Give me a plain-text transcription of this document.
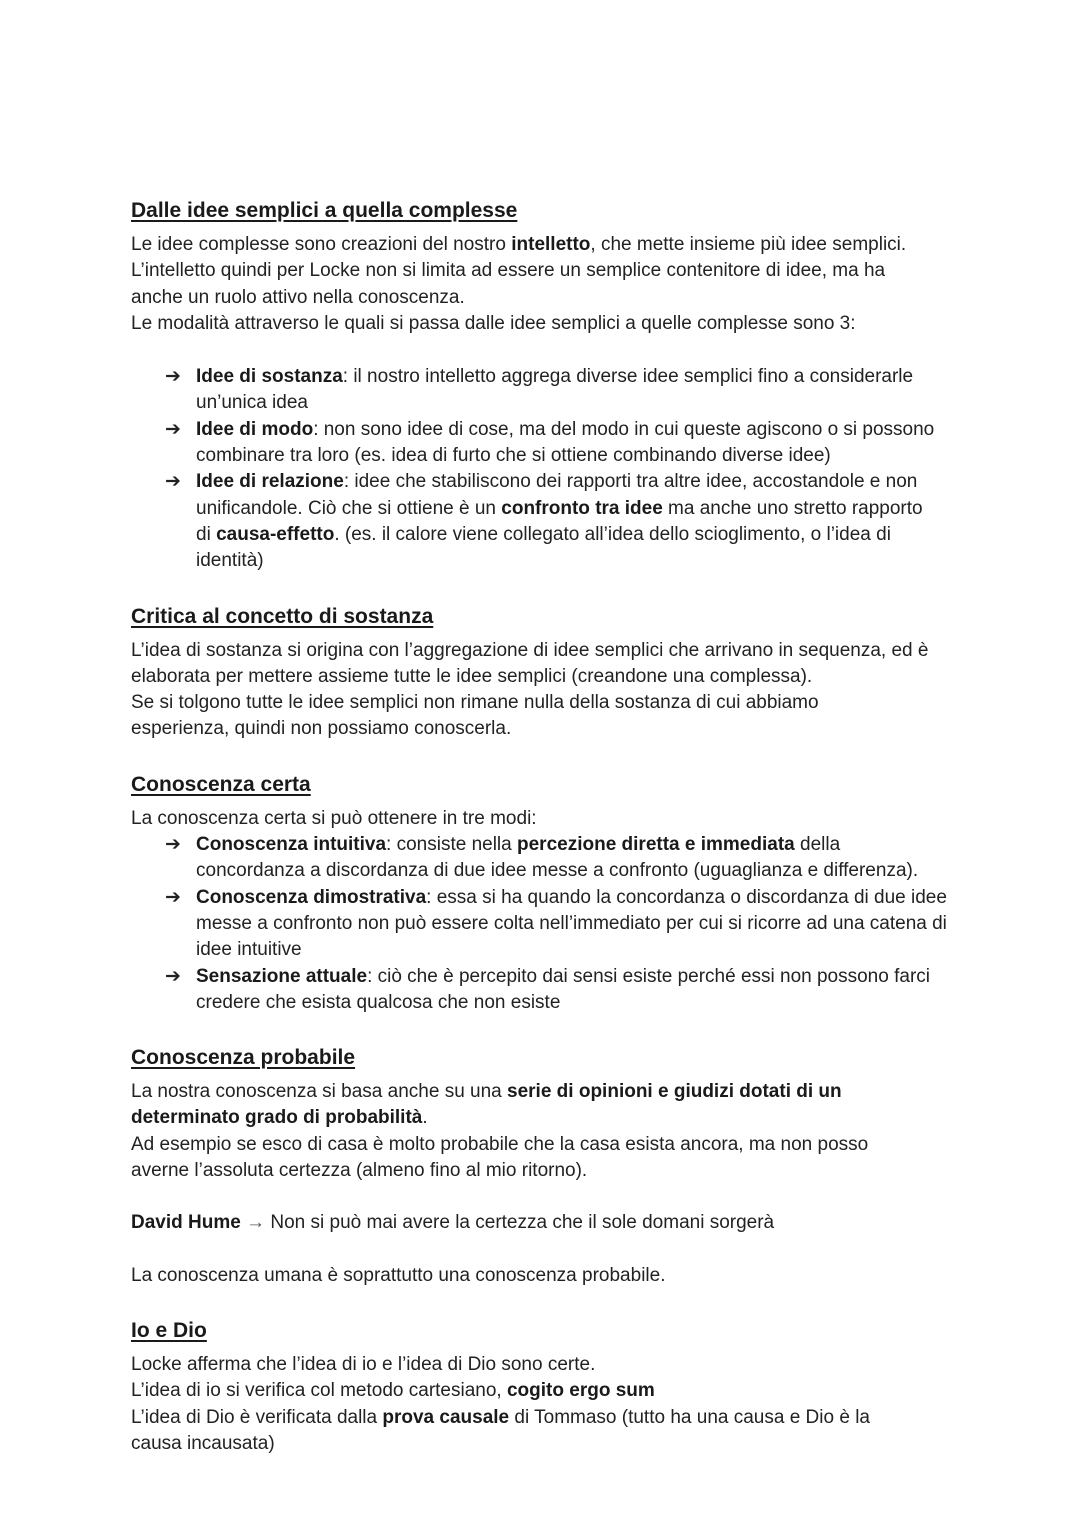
Dalle idee semplici a quella complesse

Le idee complesse sono creazioni del nostro intelletto, che mette insieme più idee semplici.

L’intelletto quindi per Locke non si limita ad essere un semplice contenitore di idee, ma ha anche un ruolo attivo nella conoscenza.

Le modalità attraverso le quali si passa dalle idee semplici a quelle complesse sono 3:

➔ Idee di sostanza: il nostro intelletto aggrega diverse idee semplici fino a considerarle un’unica idea
➔ Idee di modo: non sono idee di cose, ma del modo in cui queste agiscono o si possono combinare tra loro (es. idea di furto che si ottiene combinando diverse idee)
➔ Idee di relazione: idee che stabiliscono dei rapporti tra altre idee, accostandole e non unificandole. Ciò che si ottiene è un confronto tra idee ma anche uno stretto rapporto di causa-effetto. (es. il calore viene collegato all’idea dello scioglimento, o l’idea di identità)
Critica al concetto di sostanza

L’idea di sostanza si origina con l’aggregazione di idee semplici che arrivano in sequenza, ed è elaborata per mettere assieme tutte le idee semplici (creandone una complessa).

Se si tolgono tutte le idee semplici non rimane nulla della sostanza di cui abbiamo esperienza, quindi non possiamo conoscerla.

Conoscenza certa

La conoscenza certa si può ottenere in tre modi:

➔ Conoscenza intuitiva: consiste nella percezione diretta e immediata della concordanza a discordanza di due idee messe a confronto (uguaglianza e differenza).
➔ Conoscenza dimostrativa: essa si ha quando la concordanza o discordanza di due idee messe a confronto non può essere colta nell’immediato per cui si ricorre ad una catena di idee intuitive
➔ Sensazione attuale: ciò che è percepito dai sensi esiste perché essi non possono farci credere che esista qualcosa che non esiste
Conoscenza probabile

La nostra conoscenza si basa anche su una serie di opinioni e giudizi dotati di un determinato grado di probabilità.

Ad esempio se esco di casa è molto probabile che la casa esista ancora, ma non posso averne l’assoluta certezza (almeno fino al mio ritorno).

David Hume → Non si può mai avere la certezza che il sole domani sorgerà

La conoscenza umana è soprattutto una conoscenza probabile.

Io e Dio

Locke afferma che l’idea di io e l’idea di Dio sono certe.

L’idea di io si verifica col metodo cartesiano, cogito ergo sum

L’idea di Dio è verificata dalla prova causale di Tommaso (tutto ha una causa e Dio è la causa incausata)
